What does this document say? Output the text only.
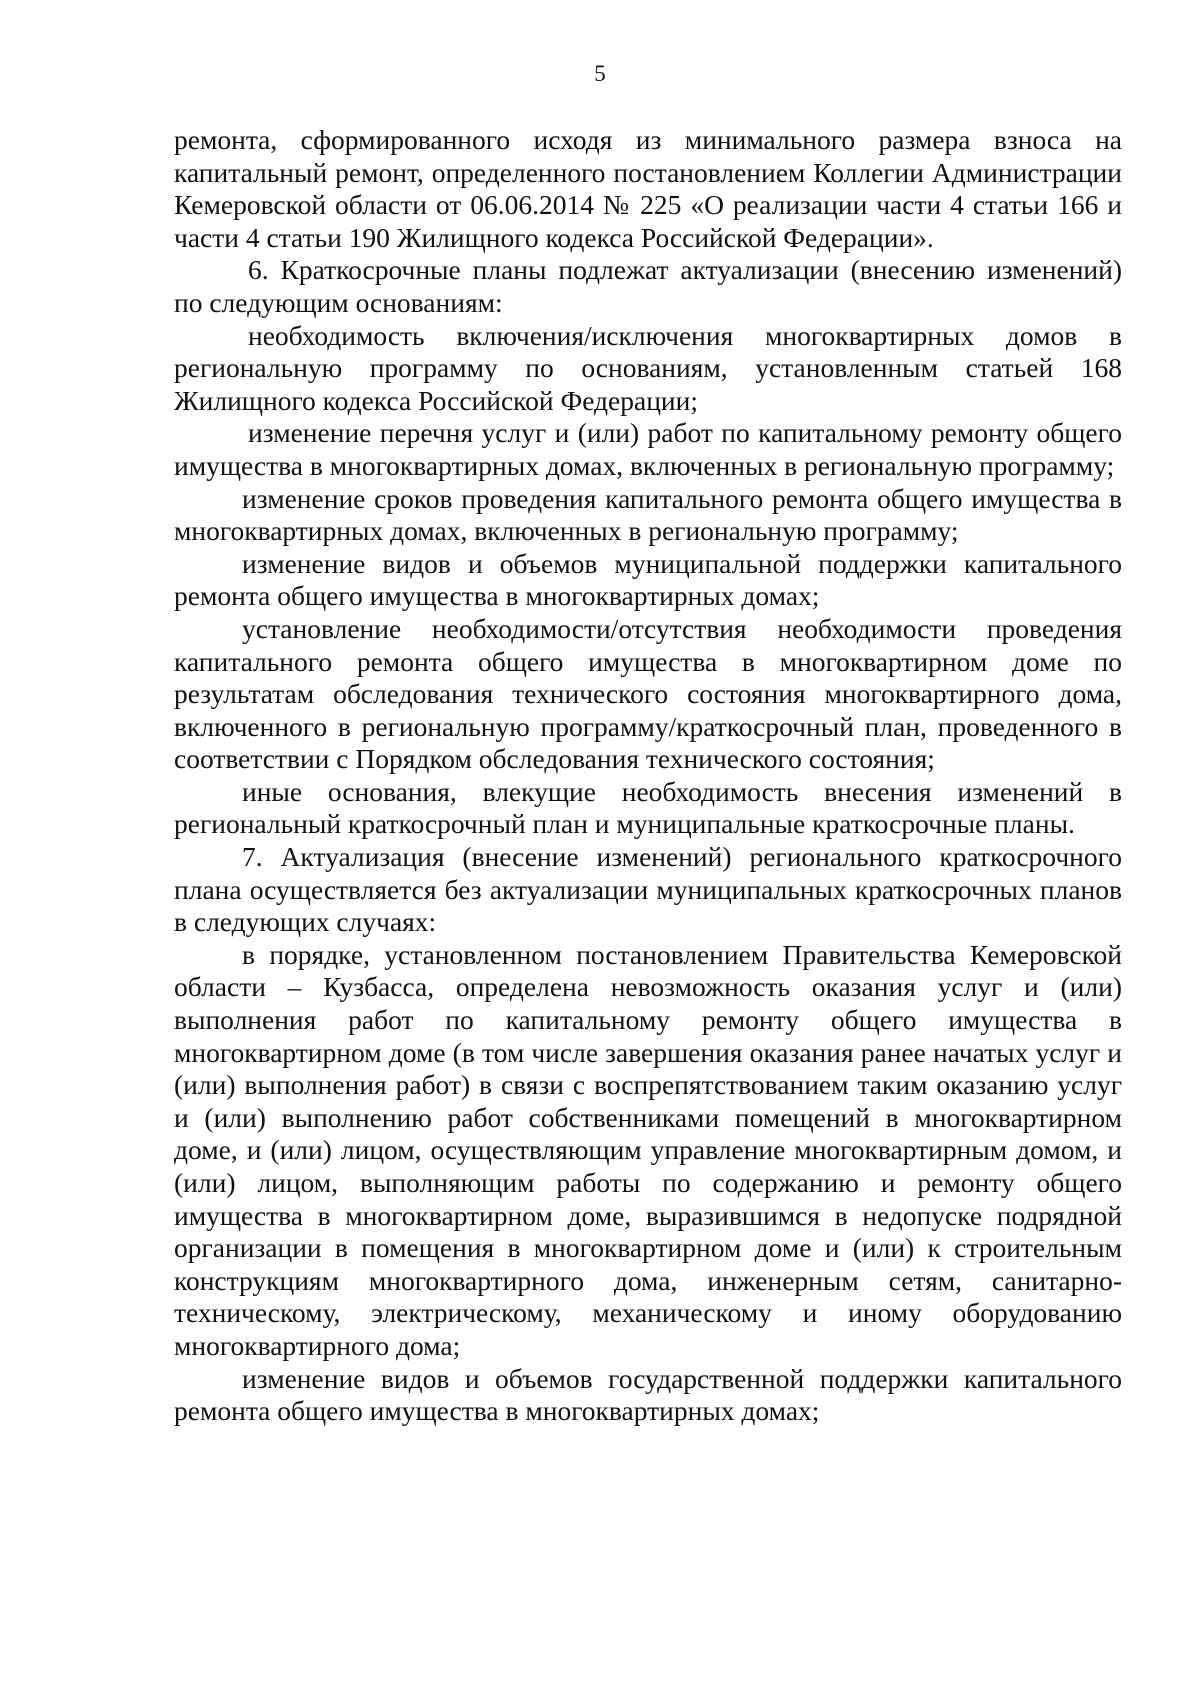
5

ремонта, сформированного исходя из минимального размера взноса на капитальный ремонт, определенного постановлением Коллегии Администрации Кемеровской области от 06.06.2014 № 225 «О реализации части 4 статьи 166 и части 4 статьи 190 Жилищного кодекса Российской Федерации».

6. Краткосрочные планы подлежат актуализации (внесению изменений) по следующим основаниям:

необходимость включения/исключения многоквартирных домов в региональную программу по основаниям, установленным статьей 168 Жилищного кодекса Российской Федерации;

изменение перечня услуг и (или) работ по капитальному ремонту общего имущества в многоквартирных домах, включенных в региональную программу;

изменение сроков проведения капитального ремонта общего имущества в многоквартирных домах, включенных в региональную программу;

изменение видов и объемов муниципальной поддержки капитального ремонта общего имущества в многоквартирных домах;

установление необходимости/отсутствия необходимости проведения капитального ремонта общего имущества в многоквартирном доме по результатам обследования технического состояния многоквартирного дома, включенного в региональную программу/краткосрочный план, проведенного в соответствии с Порядком обследования технического состояния;

иные основания, влекущие необходимость внесения изменений в региональный краткосрочный план и муниципальные краткосрочные планы.

7. Актуализация (внесение изменений) регионального краткосрочного плана осуществляется без актуализации муниципальных краткосрочных планов в следующих случаях:

в порядке, установленном постановлением Правительства Кемеровской области – Кузбасса, определена невозможность оказания услуг и (или) выполнения работ по капитальному ремонту общего имущества в многоквартирном доме (в том числе завершения оказания ранее начатых услуг и (или) выполнения работ) в связи с воспрепятствованием таким оказанию услуг и (или) выполнению работ собственниками помещений в многоквартирном доме, и (или) лицом, осуществляющим управление многоквартирным домом, и (или) лицом, выполняющим работы по содержанию и ремонту общего имущества в многоквартирном доме, выразившимся в недопуске подрядной организации в помещения в многоквартирном доме и (или) к строительным конструкциям многоквартирного дома, инженерным сетям, санитарно-техническому, электрическому, механическому и иному оборудованию многоквартирного дома;

изменение видов и объемов государственной поддержки капитального ремонта общего имущества в многоквартирных домах;
